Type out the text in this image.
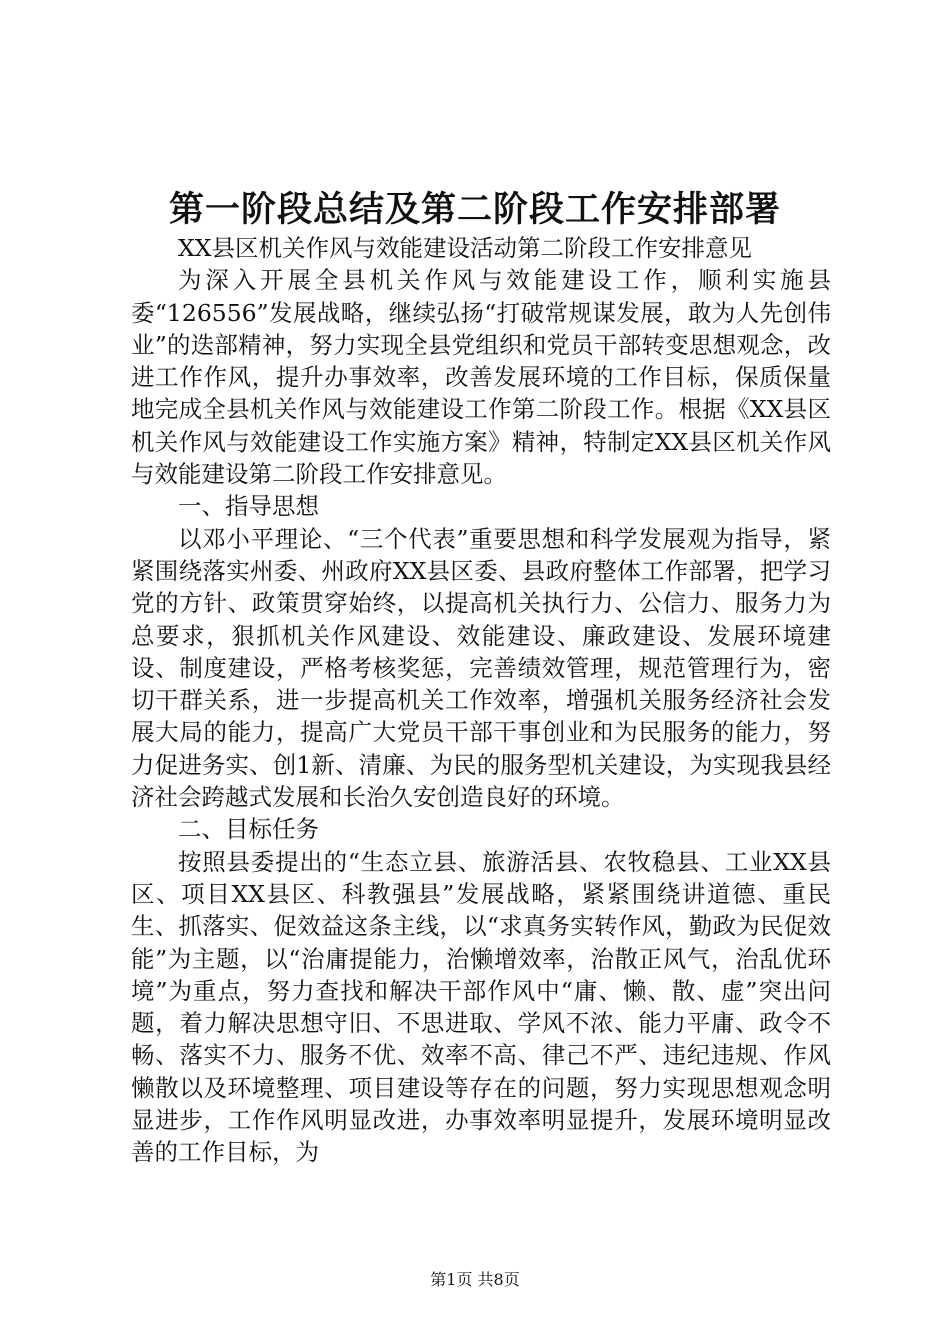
第一阶段总结及第二阶段工作安排部署

XX县区机关作风与效能建设活动第二阶段工作安排意见

为深入开展全县机关作风与效能建设工作，顺利实施县委“126556”发展战略，继续弘扬“打破常规谋发展，敢为人先创伟业”的迭部精神，努力实现全县党组织和党员干部转变思想观念，改进工作作风，提升办事效率，改善发展环境的工作目标，保质保量地完成全县机关作风与效能建设工作第二阶段工作。根据《XX县区机关作风与效能建设工作实施方案》精神，特制定XX县区机关作风与效能建设第二阶段工作安排意见。

一、指导思想

以邓小平理论、“三个代表”重要思想和科学发展观为指导，紧紧围绕落实州委、州政府XX县区委、县政府整体工作部署，把学习党的方针、政策贯穿始终，以提高机关执行力、公信力、服务力为总要求，狠抓机关作风建设、效能建设、廉政建设、发展环境建设、制度建设，严格考核奖惩，完善绩效管理，规范管理行为，密切干群关系，进一步提高机关工作效率，增强机关服务经济社会发展大局的能力，提高广大党员干部干事创业和为民服务的能力，努力促进务实、创1新、清廉、为民的服务型机关建设，为实现我县经济社会跨越式发展和长治久安创造良好的环境。

二、目标任务

按照县委提出的“生态立县、旅游活县、农牧稳县、工业XX县区、项目XX县区、科教强县”发展战略，紧紧围绕讲道德、重民生、抓落实、促效益这条主线，以“求真务实转作风，勤政为民促效能”为主题，以“治庸提能力，治懒增效率，治散正风气，治乱优环境”为重点，努力查找和解决干部作风中“庸、懒、散、虚”突出问题，着力解决思想守旧、不思进取、学风不浓、能力平庸、政令不畅、落实不力、服务不优、效率不高、律己不严、违纪违规、作风懒散以及环境整理、项目建设等存在的问题，努力实现思想观念明显进步，工作作风明显改进，办事效率明显提升，发展环境明显改善的工作目标，为

第1页 共8页
